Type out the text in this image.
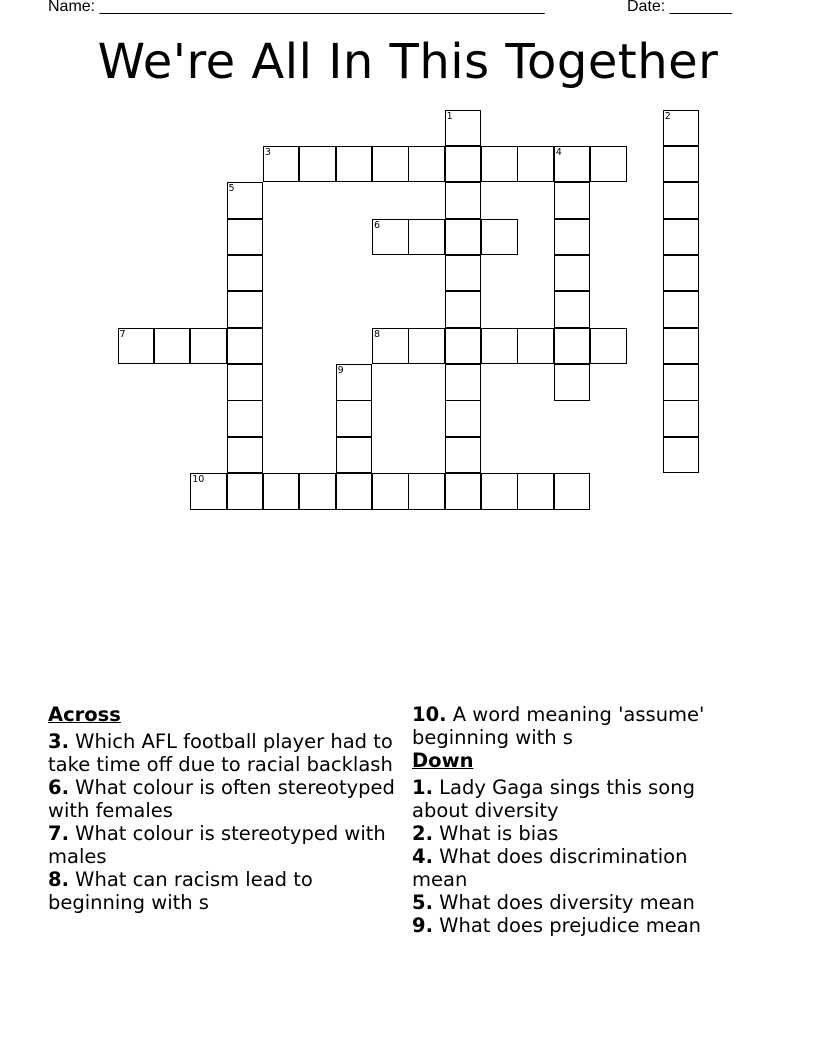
Name: __________________________________________________	Date: _______
We're All In This Together
1	2
3	4
5
6
7	8
9
10

Across

3. Which AFL football player had to take time off due to racial backlash

6. What colour is often stereotyped with females

7. What colour is stereotyped with males

8. What can racism lead to beginning with s

10. A word meaning 'assume' beginning with s

Down

1. Lady Gaga sings this song about diversity

2. What is bias

4. What does discrimination mean

5. What does diversity mean

9. What does prejudice mean
